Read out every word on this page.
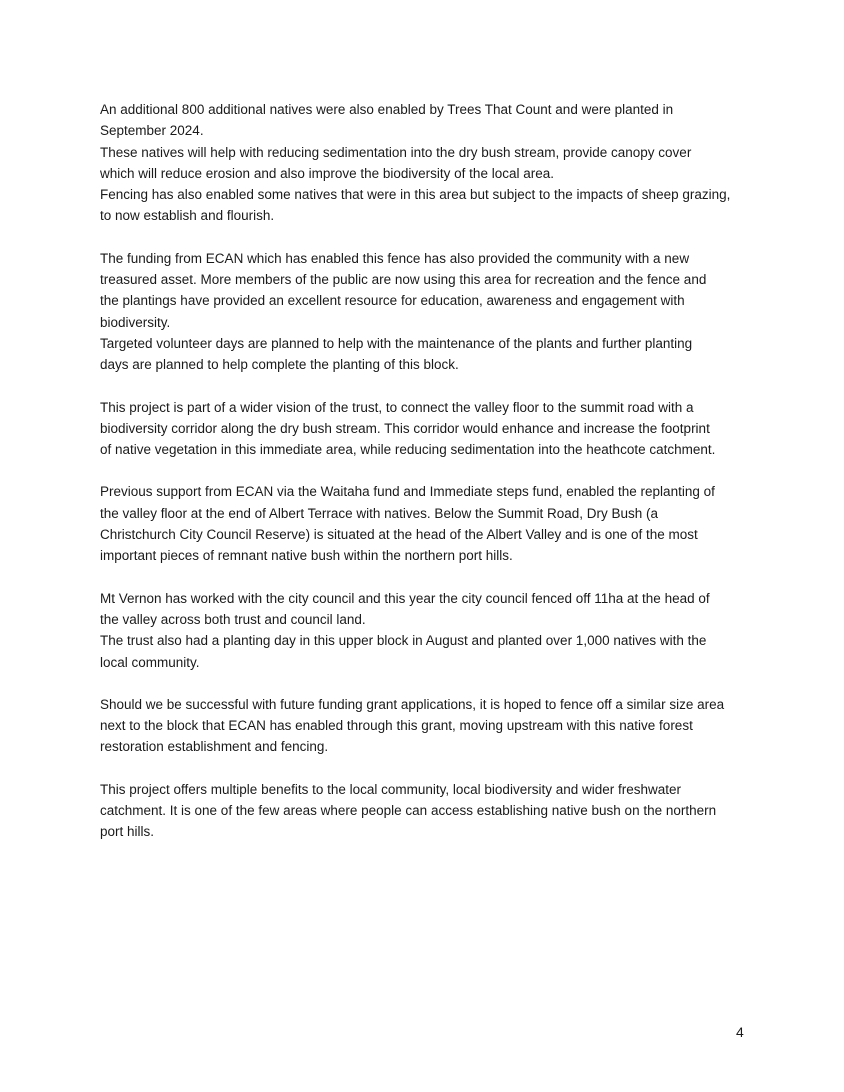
An additional 800 additional natives were also enabled by Trees That Count and were planted in
September 2024.
These natives will help with reducing sedimentation into the dry bush stream, provide canopy cover
which will reduce erosion and also improve the biodiversity of the local area.
Fencing has also enabled some natives that were in this area but subject to the impacts of sheep grazing,
to now establish and flourish.

The funding from ECAN which has enabled this fence has also provided the community with a new
treasured asset. More members of the public are now using this area for recreation and the fence and
the plantings have provided an excellent resource for education, awareness and engagement with
biodiversity.
Targeted volunteer days are planned to help with the maintenance of the plants and further planting
days are planned to help complete the planting of this block.

This project is part of a wider vision of the trust, to connect the valley floor to the summit road with a
biodiversity corridor along the dry bush stream. This corridor would enhance and increase the footprint
of native vegetation in this immediate area, while reducing sedimentation into the heathcote catchment.

Previous support from ECAN via the Waitaha fund and Immediate steps fund, enabled the replanting of
the valley floor at the end of Albert Terrace with natives. Below the Summit Road, Dry Bush (a
Christchurch City Council Reserve) is situated at the head of the Albert Valley and is one of the most
important pieces of remnant native bush within the northern port hills.

Mt Vernon has worked with the city council and this year the city council fenced off 11ha at the head of
the valley across both trust and council land.
The trust also had a planting day in this upper block in August and planted over 1,000 natives with the
local community.

Should we be successful with future funding grant applications, it is hoped to fence off a similar size area
next to the block that ECAN has enabled through this grant, moving upstream with this native forest
restoration establishment and fencing.

This project offers multiple benefits to the local community, local biodiversity and wider freshwater
catchment. It is one of the few areas where people can access establishing native bush on the northern
port hills.

4
